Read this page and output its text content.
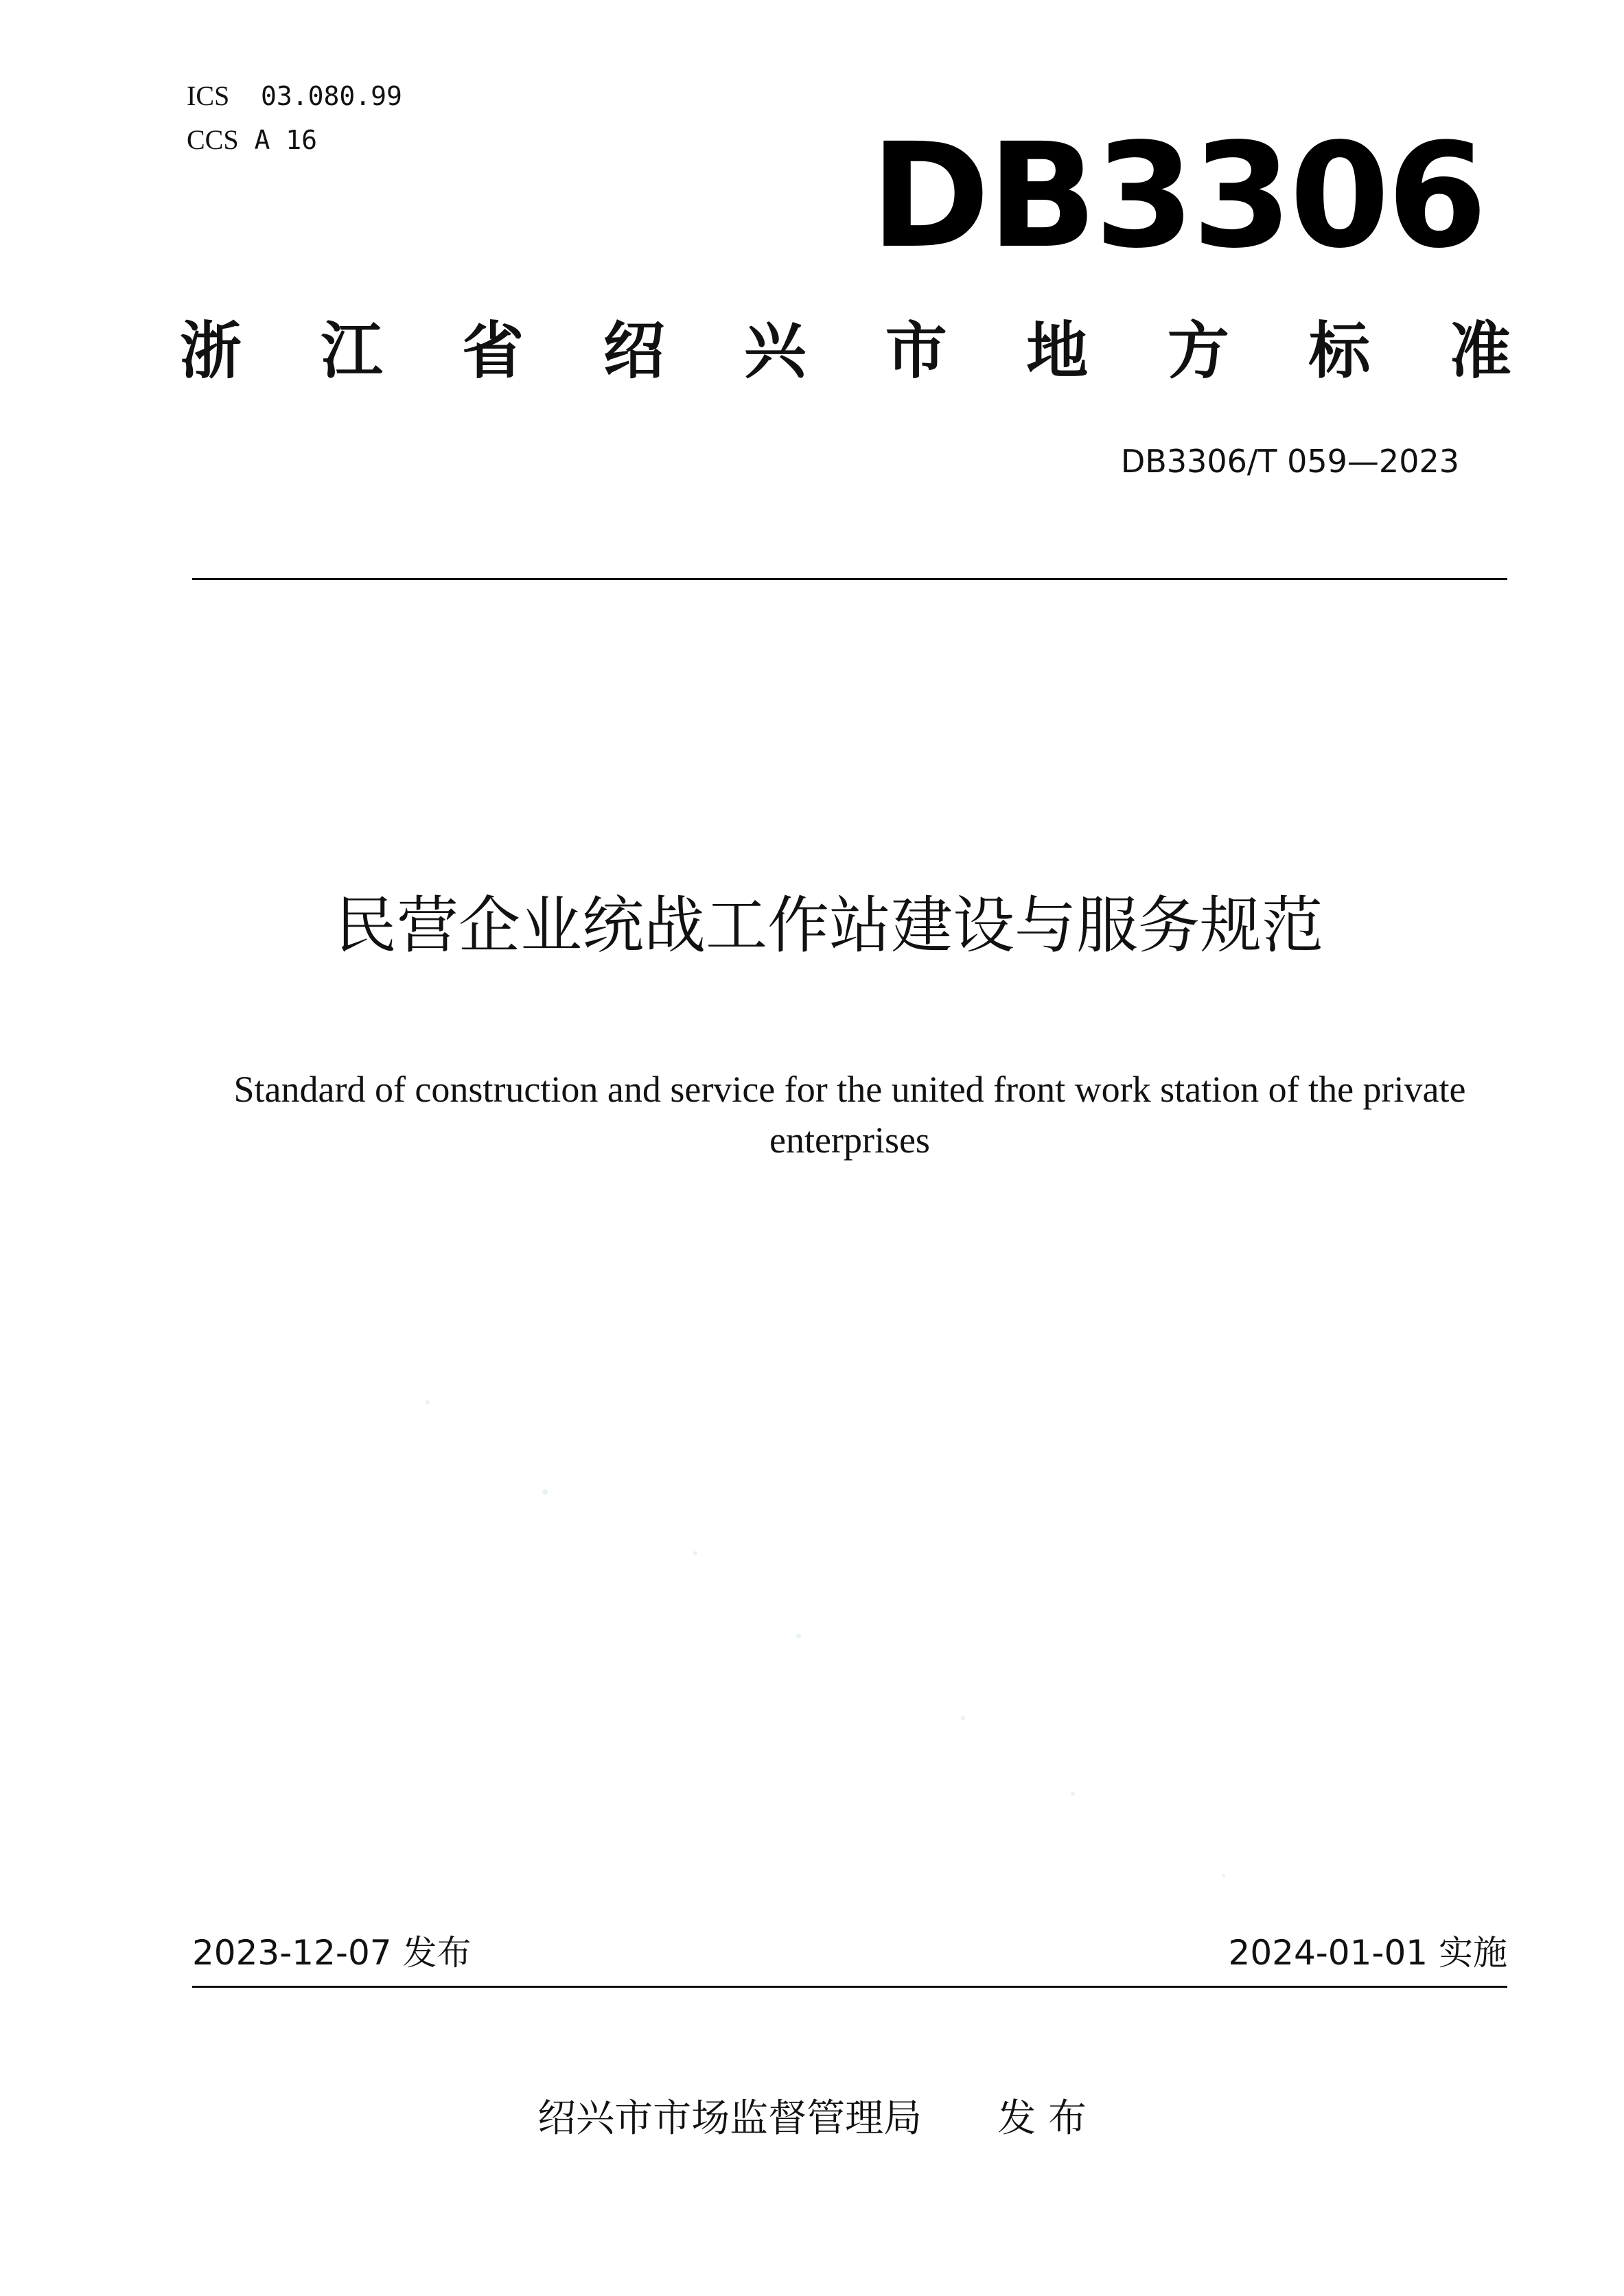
ICS 03.080.99
CCS A 16	DB3306
浙 江 省 绍 兴 市 地 方 标 准
DB3306/T 059—2023
民营企业统战工作站建设与服务规范
Standard of construction and service for the united front work station of the private
enterprises
2023-12-07 发布	2024-01-01 实施
绍兴市市场监督管理局 发 布
